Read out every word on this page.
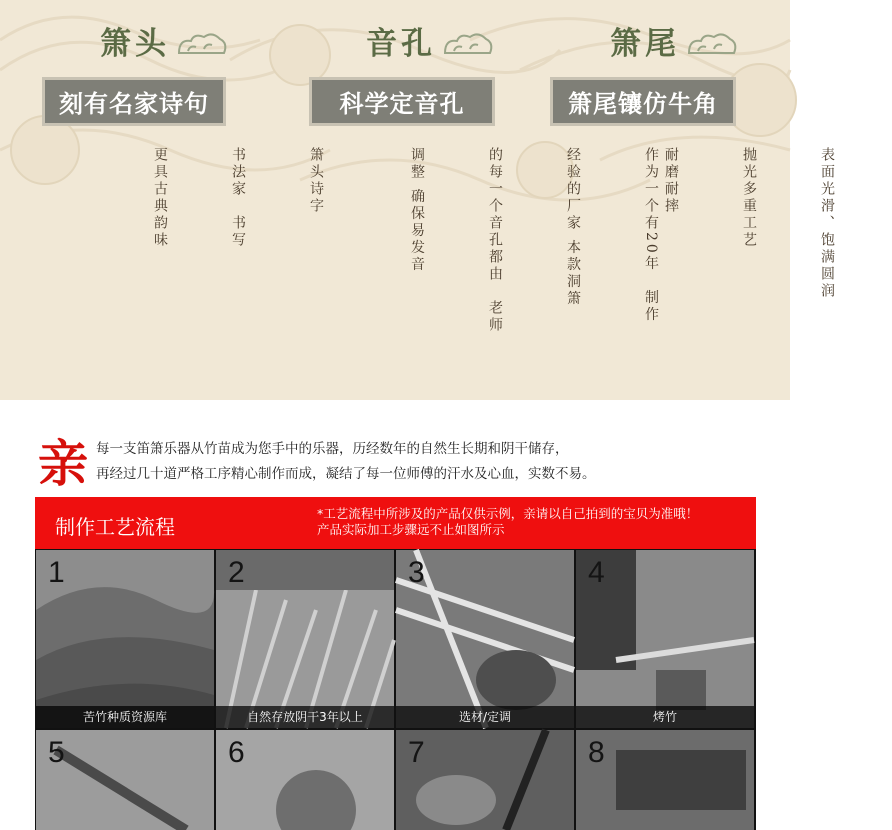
箫头
刻有名家诗句

箫头诗字

书法家　书写

更具古典韵味

音孔
科学定音孔

作为一个有20年　制作

经验的厂家 本款洞箫

的每一个音孔都由　老师

调整 确保易发音

箫尾
箫尾镶仿牛角

表面光滑、饱满圆润

抛光多重工艺

耐磨耐摔

亲 每一支笛箫乐器从竹苗成为您手中的乐器，历经数年的自然生长期和阴干储存，
再经过几十道严格工序精心制作而成，凝结了每一位师傅的汗水及心血，实数不易。
制作工艺流程
*工艺流程中所涉及的产品仅供示例，亲请以自己拍到的宝贝为准哦！
产品实际加工步骤远不止如图所示
1
苦竹种质资源库
2
自然存放阴干3年以上
3
选材/定调
4
烤竹
5	6	7	8
